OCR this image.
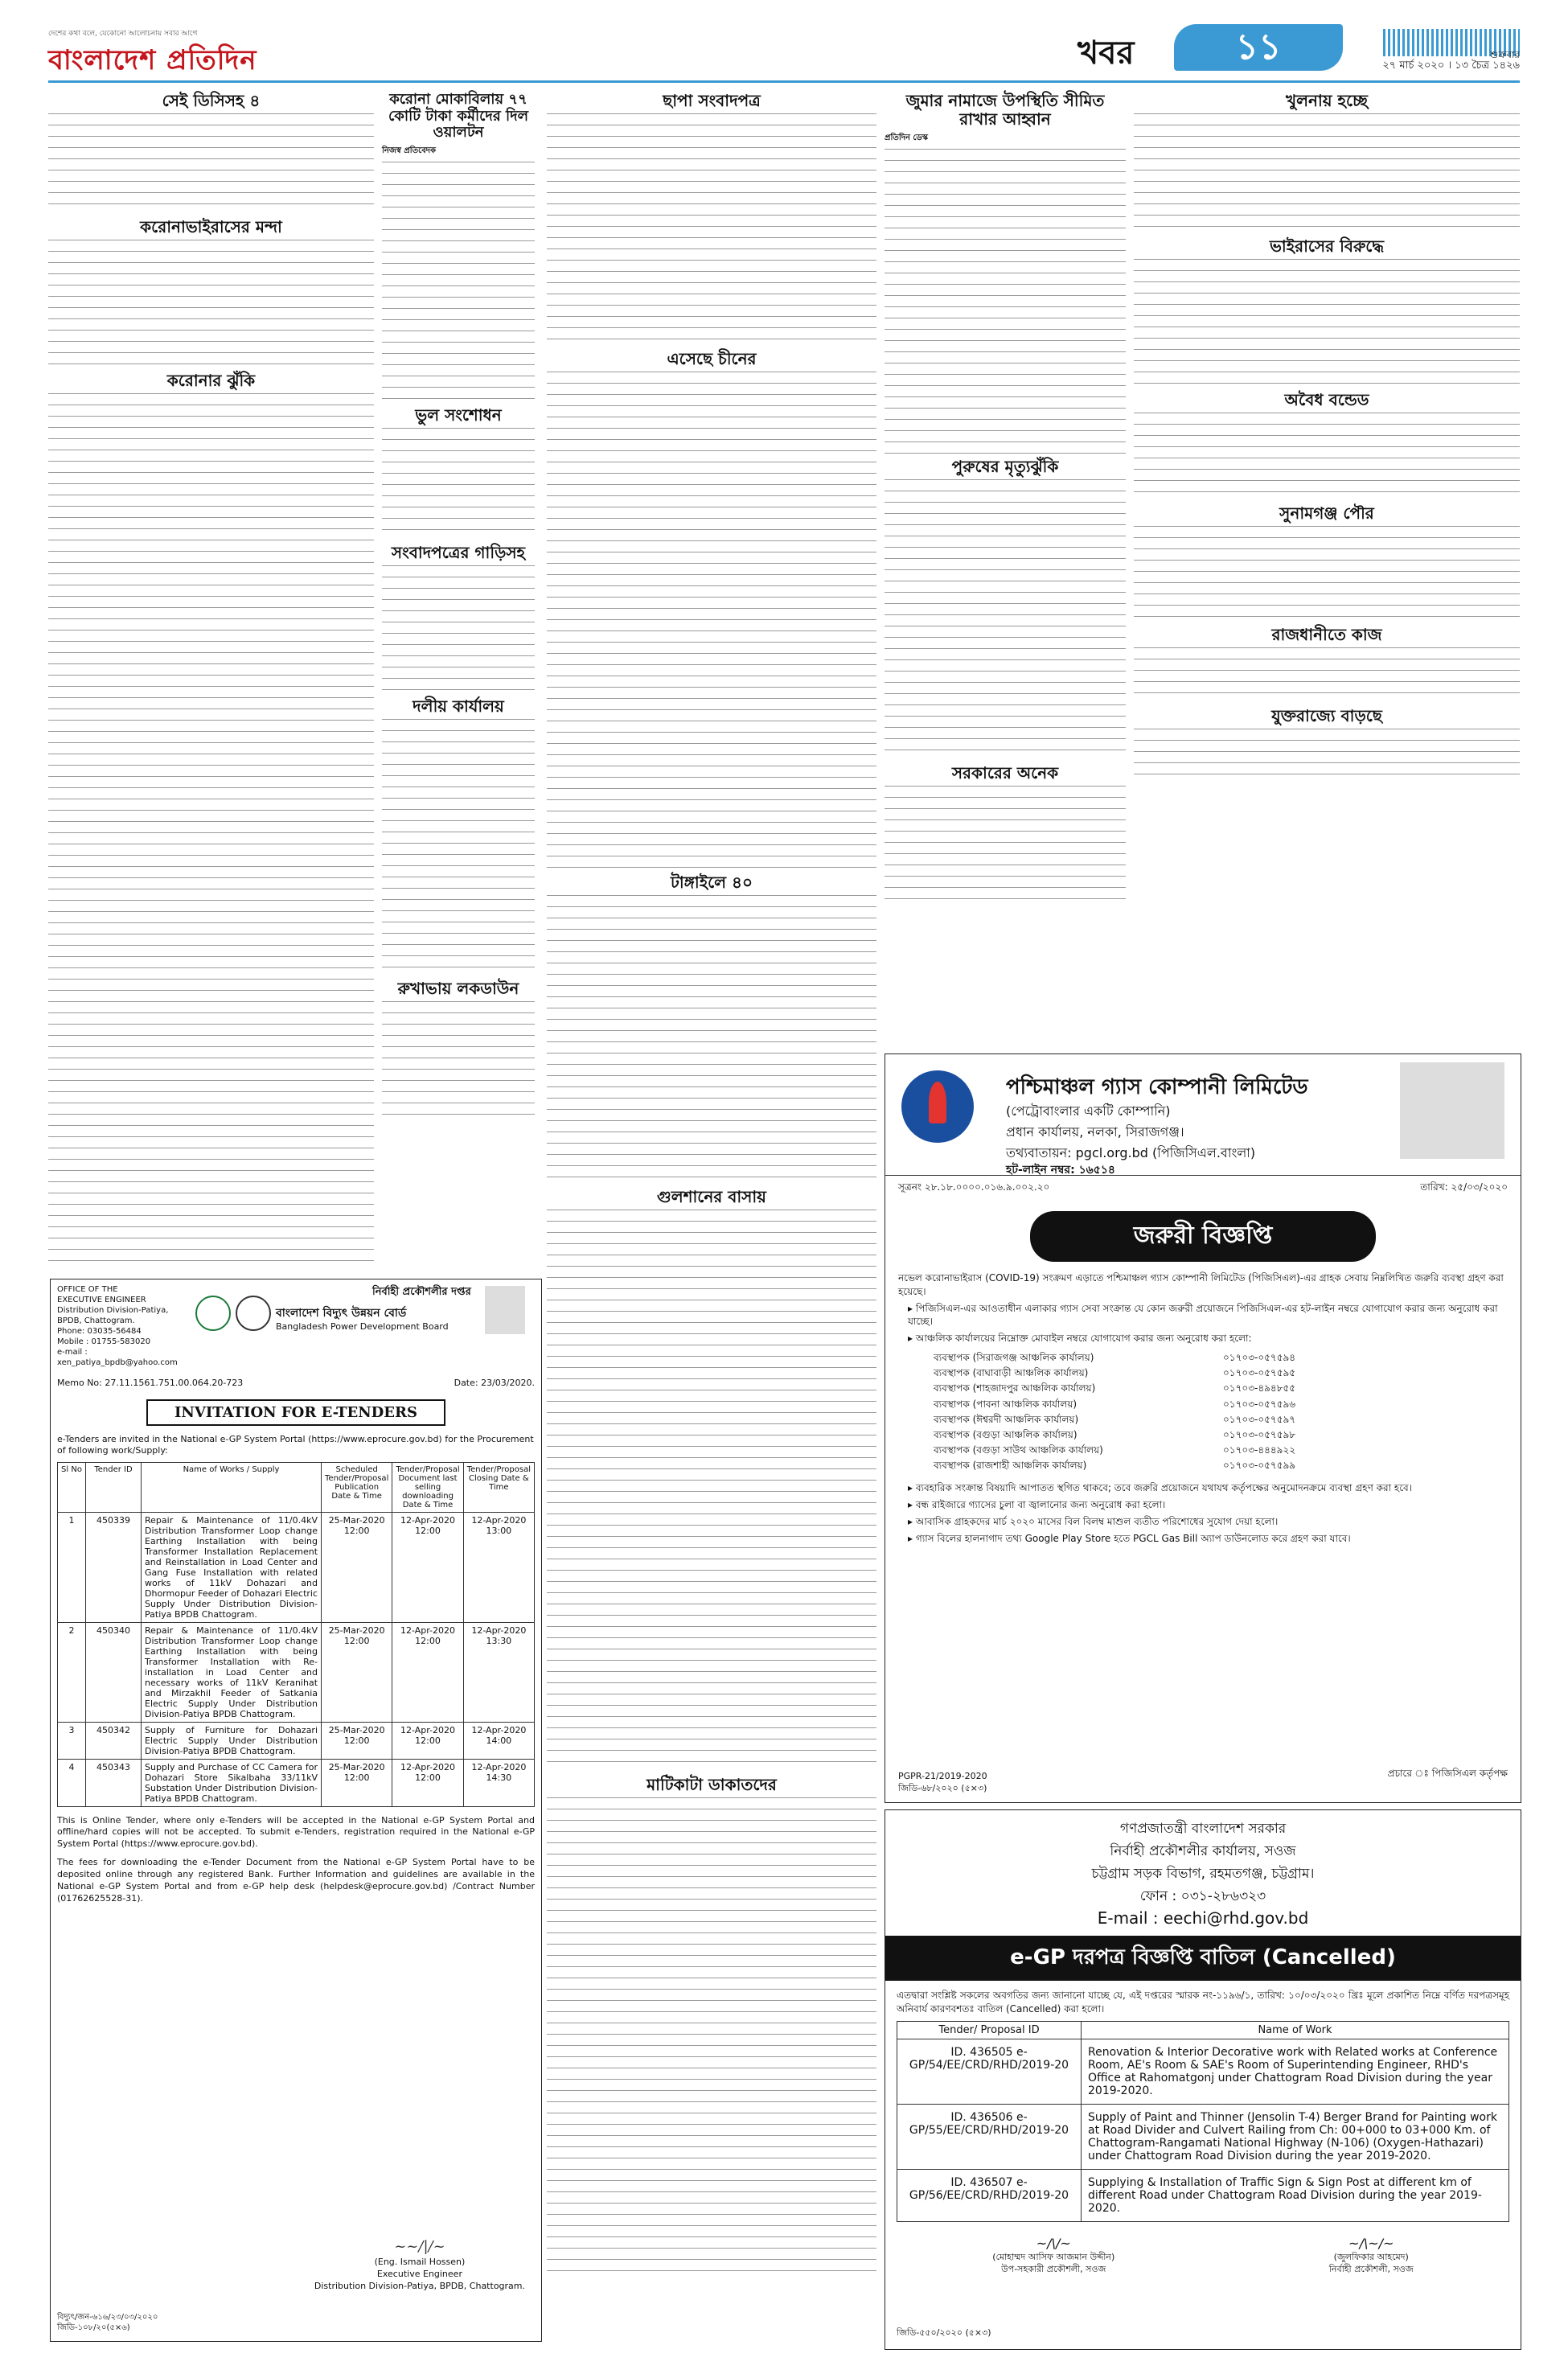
দেশের কথা বলে, যেকোনো আলোচনায় সবার আগে
বাংলাদেশ প্রতিদিন	খবর	১১	শুক্রবার
২৭ মার্চ ২০২০ । ১৩ চৈত্র ১৪২৬
সেই ডিসিসহ ৪
করোনাভাইরাসের মন্দা
করোনার ঝুঁকি
করোনা মোকাবিলায় ৭৭ কোটি টাকা কর্মীদের দিল ওয়ালটন
নিজস্ব প্রতিবেদক
ভুল সংশোধন
সংবাদপত্রের গাড়িসহ
দলীয় কার্যালয়
রুখাভায় লকডাউন
ছাপা সংবাদপত্র
এসেছে চীনের
টাঙ্গাইলে ৪০
গুলশানের বাসায়
মাটিকাটা ডাকাতদের
জুমার নামাজে উপস্থিতি সীমিত রাখার আহ্বান
প্রতিদিন ডেস্ক
পুরুষের মৃত্যুঝুঁকি
সরকারের অনেক
খুলনায় হচ্ছে
ভাইরাসের বিরুদ্ধে
অবৈধ বন্ডেড
সুনামগঞ্জ পৌর
রাজধানীতে কাজ
যুক্তরাজ্যে বাড়ছে
OFFICE OF THE
EXECUTIVE ENGINEER
Distribution Division-Patiya,
BPDB, Chattogram.
Phone: 03035-56484
Mobile : 01755-583020
e-mail : xen_patiya_bpdb@yahoo.com
বাংলাদেশ বিদ্যুৎ উন্নয়ন বোর্ড
Bangladesh Power Development Board
নির্বাহী প্রকৌশলীর দপ্তর
Memo No: 27.11.1561.751.00.064.20-723	Date: 23/03/2020.
INVITATION FOR E-TENDERS
e-Tenders are invited in the National e-GP System Portal (https://www.eprocure.gov.bd) for the Procurement of following work/Supply:
Sl No	Tender ID	Name of Works / Supply	Scheduled Tender/Proposal Publication Date & Time	Tender/Proposal Document last selling downloading Date & Time	Tender/Proposal Closing Date & Time
1	450339	Repair & Maintenance of 11/0.4kV Distribution Transformer Loop change Earthing Installation with being Transformer Installation Replacement and Reinstallation in Load Center and Gang Fuse Installation with related works of 11kV Dohazari and Dhormopur Feeder of Dohazari Electric Supply Under Distribution Division-Patiya BPDB Chattogram.	25-Mar-2020 12:00	12-Apr-2020 12:00	12-Apr-2020 13:00
2	450340	Repair & Maintenance of 11/0.4kV Distribution Transformer Loop change Earthing Installation with being Transformer Installation with Re-installation in Load Center and necessary works of 11kV Keranihat and Mirzakhil Feeder of Satkania Electric Supply Under Distribution Division-Patiya BPDB Chattogram.	25-Mar-2020 12:00	12-Apr-2020 12:00	12-Apr-2020 13:30
3	450342	Supply of Furniture for Dohazari Electric Supply Under Distribution Division-Patiya BPDB Chattogram.	25-Mar-2020 12:00	12-Apr-2020 12:00	12-Apr-2020 14:00
4	450343	Supply and Purchase of CC Camera for Dohazari Store Sikalbaha 33/11kV Substation Under Distribution Division-Patiya BPDB Chattogram.	25-Mar-2020 12:00	12-Apr-2020 12:00	12-Apr-2020 14:30
This is Online Tender, where only e-Tenders will be accepted in the National e-GP System Portal and offline/hard copies will not be accepted. To submit e-Tenders, registration required in the National e-GP System Portal (https://www.eprocure.gov.bd).
The fees for downloading the e-Tender Document from the National e-GP System Portal have to be deposited online through any registered Bank. Further Information and guidelines are available in the National e-GP System Portal and from e-GP help desk (helpdesk@eprocure.gov.bd) /Contract Number (01762625528-31).
~~/|/~
(Eng. Ismail Hossen)
Executive Engineer
Distribution Division-Patiya, BPDB, Chattogram.
বিদ্যুৎ/জন-৬১৬/২৩/০৩/২০২০
জিডি-১০৮/২০(৫×৬)
পশ্চিমাঞ্চল গ্যাস কোম্পানী লিমিটেড
(পেট্রোবাংলার একটি কোম্পানি)
প্রধান কার্যালয়, নলকা, সিরাজগঞ্জ।
তথ্যবাতায়ন: pgcl.org.bd (পিজিসিএল.বাংলা)
হট-লাইন নম্বর: ১৬৫১৪
সূত্রনং ২৮.১৮.০০০০.০১৬.৯.০০২.২০	তারিখ: ২৫/০৩/২০২০
জরুরী বিজ্ঞপ্তি
নভেল করোনাভাইরাস (COVID-19) সংক্রমণ এড়াতে পশ্চিমাঞ্চল গ্যাস কোম্পানী লিমিটেড (পিজিসিএল)-এর গ্রাহক সেবায় নিম্নলিখিত জরুরি ব্যবস্থা গ্রহণ করা হয়েছে।
▸ পিজিসিএল-এর আওতাধীন এলাকার গ্যাস সেবা সংক্রান্ত যে কোন জরুরী প্রয়োজনে পিজিসিএল-এর হট-লাইন নম্বরে যোগাযোগ করার জন্য অনুরোধ করা যাচ্ছে।
▸ আঞ্চলিক কার্যালয়ের নিম্নোক্ত মোবাইল নম্বরে যোগাযোগ করার জন্য অনুরোধ করা হলো:
ব্যবস্থাপক (সিরাজগঞ্জ আঞ্চলিক কার্যালয়)	০১৭০৩-০৫৭৫৯৪
ব্যবস্থাপক (বাঘাবাড়ী আঞ্চলিক কার্যালয়)	০১৭০৩-০৫৭৫৯৫
ব্যবস্থাপক (শাহজাদপুর আঞ্চলিক কার্যালয়)	০১৭০৩-৪৯৪৮৫৫
ব্যবস্থাপক (পাবনা আঞ্চলিক কার্যালয়)	০১৭০৩-০৫৭৫৯৬
ব্যবস্থাপক (ঈশ্বরদী আঞ্চলিক কার্যালয়)	০১৭০৩-০৫৭৫৯৭
ব্যবস্থাপক (বগুড়া আঞ্চলিক কার্যালয়)	০১৭০৩-০৫৭৫৯৮
ব্যবস্থাপক (বগুড়া সাউথ আঞ্চলিক কার্যালয়)	০১৭০৩-৪৪৪৯২২
ব্যবস্থাপক (রাজশাহী আঞ্চলিক কার্যালয়)	০১৭০৩-০৫৭৫৯৯
▸ ব্যবহারিক সংক্রান্ত বিষয়াদি আপাতত স্থগিত থাকবে; তবে জরুরি প্রয়োজনে যথাযথ কর্তৃপক্ষের অনুমোদনক্রমে ব্যবস্থা গ্রহণ করা হবে।
▸ বন্ধ রাইজারে গ্যাসের চুলা বা জ্বালানোর জন্য অনুরোধ করা হলো।
▸ আবাসিক গ্রাহকদের মার্চ ২০২০ মাসের বিল বিলম্ব মাশুল ব্যতীত পরিশোধের সুযোগ দেয়া হলো।
▸ গ্যাস বিলের হালনাগাদ তথ্য Google Play Store হতে PGCL Gas Bill অ্যাপ ডাউনলোড করে গ্রহণ করা যাবে।
PGPR-21/2019-2020
জিডি-৬৮/২০২০ (৫×৩)
প্রচারে ঃ পিজিসিএল কর্তৃপক্ষ
গণপ্রজাতন্ত্রী বাংলাদেশ সরকার
নির্বাহী প্রকৌশলীর কার্যালয়, সওজ
চট্টগ্রাম সড়ক বিভাগ, রহমতগঞ্জ, চট্টগ্রাম।
ফোন : ০৩১-২৮৬৩২৩
E-mail : eechi@rhd.gov.bd
e-GP দরপত্র বিজ্ঞপ্তি বাতিল (Cancelled)
এতদ্বারা সংশ্লিষ্ট সকলের অবগতির জন্য জানানো যাচ্ছে যে, এই দপ্তরের স্মারক নং-১১৯৬/১, তারিখ: ১০/০৩/২০২০ খ্রিঃ মূলে প্রকাশিত নিম্নে বর্ণিত দরপত্রসমূহ অনিবার্য কারণবশতঃ বাতিল (Cancelled) করা হলো।
Tender/ Proposal ID	Name of Work
ID. 436505 e-GP/54/EE/CRD/RHD/2019-20	Renovation & Interior Decorative work with Related works at Conference Room, AE's Room & SAE's Room of Superintending Engineer, RHD's Office at Rahomatgonj under Chattogram Road Division during the year 2019-2020.
ID. 436506 e-GP/55/EE/CRD/RHD/2019-20	Supply of Paint and Thinner (Jensolin T-4) Berger Brand for Painting work at Road Divider and Culvert Railing from Ch: 00+000 to 03+000 Km. of Chattogram-Rangamati National Highway (N-106) (Oxygen-Hathazari) under Chattogram Road Division during the year 2019-2020.
ID. 436507 e-GP/56/EE/CRD/RHD/2019-20	Supplying & Installation of Traffic Sign & Sign Post at different km of different Road under Chattogram Road Division during the year 2019-2020.
~/\/~
(মোহাম্মদ আসিফ আজমান উদ্দীন)
উপ-সহকারী প্রকৌশলী, সওজ
~/\~/~
(জুলফিকার আহমেদ)
নির্বাহী প্রকৌশলী, সওজ
জিডি-৫৫০/২০২০ (৫×৩)
